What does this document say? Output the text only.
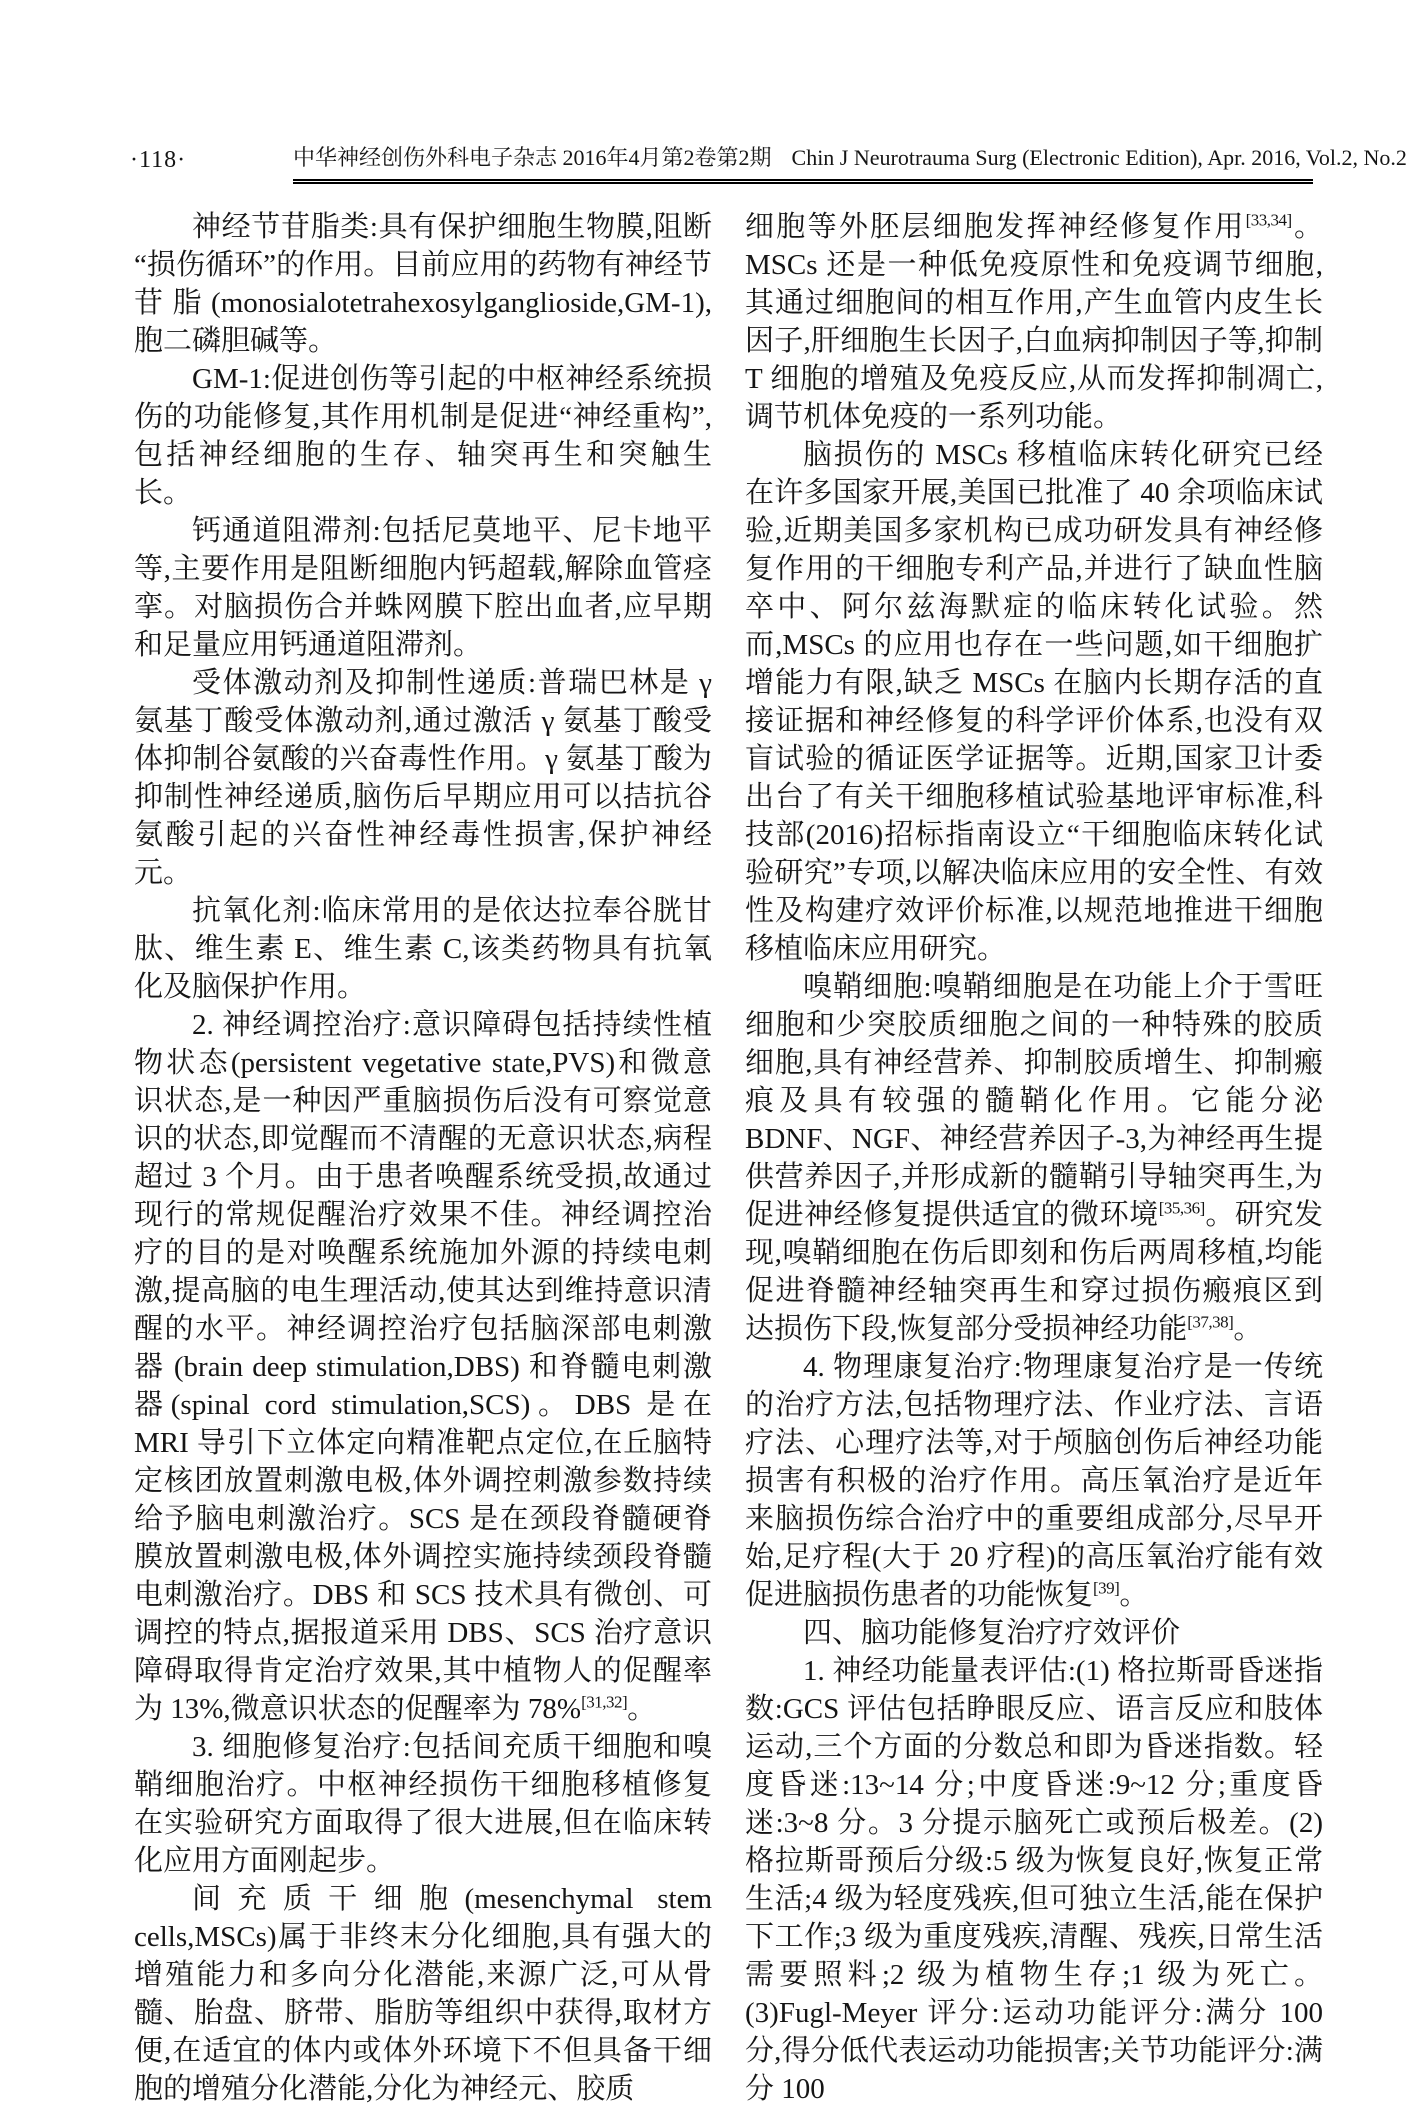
·118·	中华神经创伤外科电子杂志 2016年4月第2卷第2期 Chin J Neurotrauma Surg (Electronic Edition), Apr. 2016, Vol.2, No.2

神经节苷脂类:具有保护细胞生物膜,阻断“损伤循环”的作用。目前应用的药物有神经节苷脂(monosialotetrahexosylganglioside,GM-1),胞二磷胆碱等。

GM-1:促进创伤等引起的中枢神经系统损伤的功能修复,其作用机制是促进“神经重构”,包括神经细胞的生存、轴突再生和突触生长。

钙通道阻滞剂:包括尼莫地平、尼卡地平等,主要作用是阻断细胞内钙超载,解除血管痉挛。对脑损伤合并蛛网膜下腔出血者,应早期和足量应用钙通道阻滞剂。

受体激动剂及抑制性递质:普瑞巴林是 γ 氨基丁酸受体激动剂,通过激活 γ 氨基丁酸受体抑制谷氨酸的兴奋毒性作用。γ 氨基丁酸为抑制性神经递质,脑伤后早期应用可以拮抗谷氨酸引起的兴奋性神经毒性损害,保护神经元。

抗氧化剂:临床常用的是依达拉奉谷胱甘肽、维生素 E、维生素 C,该类药物具有抗氧化及脑保护作用。

2. 神经调控治疗:意识障碍包括持续性植物状态(persistent vegetative state,PVS)和微意识状态,是一种因严重脑损伤后没有可察觉意识的状态,即觉醒而不清醒的无意识状态,病程超过 3 个月。由于患者唤醒系统受损,故通过现行的常规促醒治疗效果不佳。神经调控治疗的目的是对唤醒系统施加外源的持续电刺激,提高脑的电生理活动,使其达到维持意识清醒的水平。神经调控治疗包括脑深部电刺激器 (brain deep stimulation,DBS) 和脊髓电刺激器(spinal cord stimulation,SCS)。DBS 是在 MRI 导引下立体定向精准靶点定位,在丘脑特定核团放置刺激电极,体外调控刺激参数持续给予脑电刺激治疗。SCS 是在颈段脊髓硬脊膜放置刺激电极,体外调控实施持续颈段脊髓电刺激治疗。DBS 和 SCS 技术具有微创、可调控的特点,据报道采用 DBS、SCS 治疗意识障碍取得肯定治疗效果,其中植物人的促醒率为 13%,微意识状态的促醒率为 78%[31,32]。

3. 细胞修复治疗:包括间充质干细胞和嗅鞘细胞治疗。中枢神经损伤干细胞移植修复在实验研究方面取得了很大进展,但在临床转化应用方面刚起步。

间充质干细胞(mesenchymal stem cells,MSCs)属于非终末分化细胞,具有强大的增殖能力和多向分化潜能,来源广泛,可从骨髓、胎盘、脐带、脂肪等组织中获得,取材方便,在适宜的体内或体外环境下不但具备干细胞的增殖分化潜能,分化为神经元、胶质

细胞等外胚层细胞发挥神经修复作用[33,34]。MSCs 还是一种低免疫原性和免疫调节细胞,其通过细胞间的相互作用,产生血管内皮生长因子,肝细胞生长因子,白血病抑制因子等,抑制 T 细胞的增殖及免疫反应,从而发挥抑制凋亡,调节机体免疫的一系列功能。

脑损伤的 MSCs 移植临床转化研究已经在许多国家开展,美国已批准了 40 余项临床试验,近期美国多家机构已成功研发具有神经修复作用的干细胞专利产品,并进行了缺血性脑卒中、阿尔兹海默症的临床转化试验。然而,MSCs 的应用也存在一些问题,如干细胞扩增能力有限,缺乏 MSCs 在脑内长期存活的直接证据和神经修复的科学评价体系,也没有双盲试验的循证医学证据等。近期,国家卫计委出台了有关干细胞移植试验基地评审标准,科技部(2016)招标指南设立“干细胞临床转化试验研究”专项,以解决临床应用的安全性、有效性及构建疗效评价标准,以规范地推进干细胞移植临床应用研究。

嗅鞘细胞:嗅鞘细胞是在功能上介于雪旺细胞和少突胶质细胞之间的一种特殊的胶质细胞,具有神经营养、抑制胶质增生、抑制瘢痕及具有较强的髓鞘化作用。它能分泌 BDNF、NGF、神经营养因子-3,为神经再生提供营养因子,并形成新的髓鞘引导轴突再生,为促进神经修复提供适宜的微环境[35,36]。研究发现,嗅鞘细胞在伤后即刻和伤后两周移植,均能促进脊髓神经轴突再生和穿过损伤瘢痕区到达损伤下段,恢复部分受损神经功能[37,38]。

4. 物理康复治疗:物理康复治疗是一传统的治疗方法,包括物理疗法、作业疗法、言语疗法、心理疗法等,对于颅脑创伤后神经功能损害有积极的治疗作用。高压氧治疗是近年来脑损伤综合治疗中的重要组成部分,尽早开始,足疗程(大于 20 疗程)的高压氧治疗能有效促进脑损伤患者的功能恢复[39]。

四、脑功能修复治疗疗效评价

1. 神经功能量表评估:(1) 格拉斯哥昏迷指数:GCS 评估包括睁眼反应、语言反应和肢体运动,三个方面的分数总和即为昏迷指数。轻度昏迷:13~14 分;中度昏迷:9~12 分;重度昏迷:3~8 分。3 分提示脑死亡或预后极差。(2)格拉斯哥预后分级:5 级为恢复良好,恢复正常生活;4 级为轻度残疾,但可独立生活,能在保护下工作;3 级为重度残疾,清醒、残疾,日常生活需要照料;2 级为植物生存;1 级为死亡。(3)Fugl-Meyer 评分:运动功能评分:满分 100 分,得分低代表运动功能损害;关节功能评分:满分 100
